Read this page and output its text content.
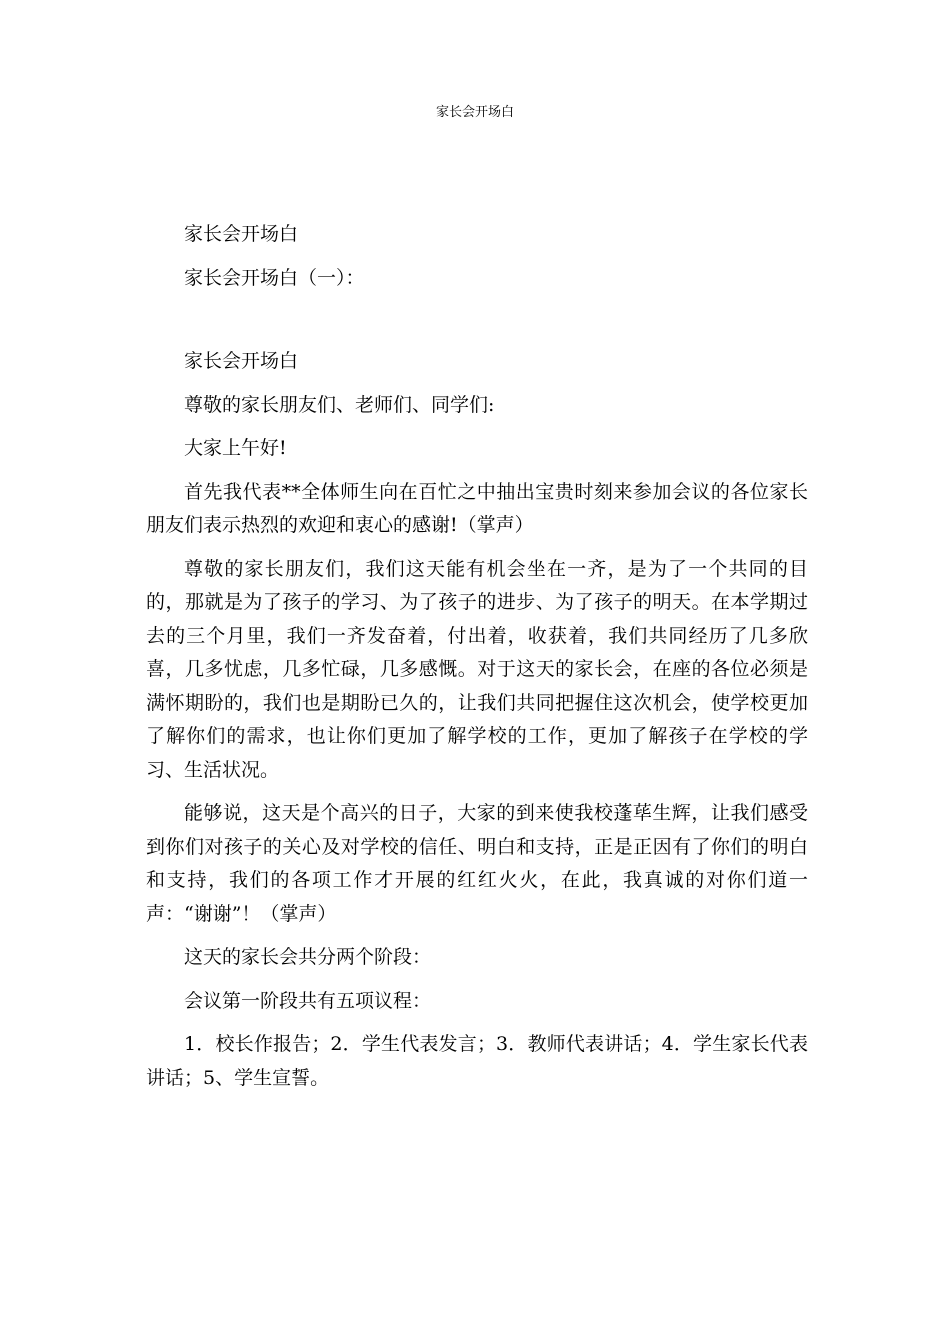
家长会开场白

家长会开场白

家长会开场白（一）：

家长会开场白

尊敬的家长朋友们、老师们、同学们:

大家上午好!

首先我代表**全体师生向在百忙之中抽出宝贵时刻来参加会议的各位家长朋友们表示热烈的欢迎和衷心的感谢!（掌声）

尊敬的家长朋友们，我们这天能有机会坐在一齐，是为了一个共同的目的，那就是为了孩子的学习、为了孩子的进步、为了孩子的明天。在本学期过去的三个月里，我们一齐发奋着，付出着，收获着，我们共同经历了几多欣喜，几多忧虑，几多忙碌，几多感慨。对于这天的家长会，在座的各位必须是满怀期盼的，我们也是期盼已久的，让我们共同把握住这次机会，使学校更加了解你们的需求，也让你们更加了解学校的工作，更加了解孩子在学校的学习、生活状况。

能够说，这天是个高兴的日子，大家的到来使我校蓬荜生辉，让我们感受到你们对孩子的关心及对学校的信任、明白和支持，正是正因有了你们的明白和支持，我们的各项工作才开展的红红火火，在此，我真诚的对你们道一声：“谢谢”！（掌声）

这天的家长会共分两个阶段：

会议第一阶段共有五项议程：

1．校长作报告；2．学生代表发言；3．教师代表讲话；4．学生家长代表讲话；5、学生宣誓。
